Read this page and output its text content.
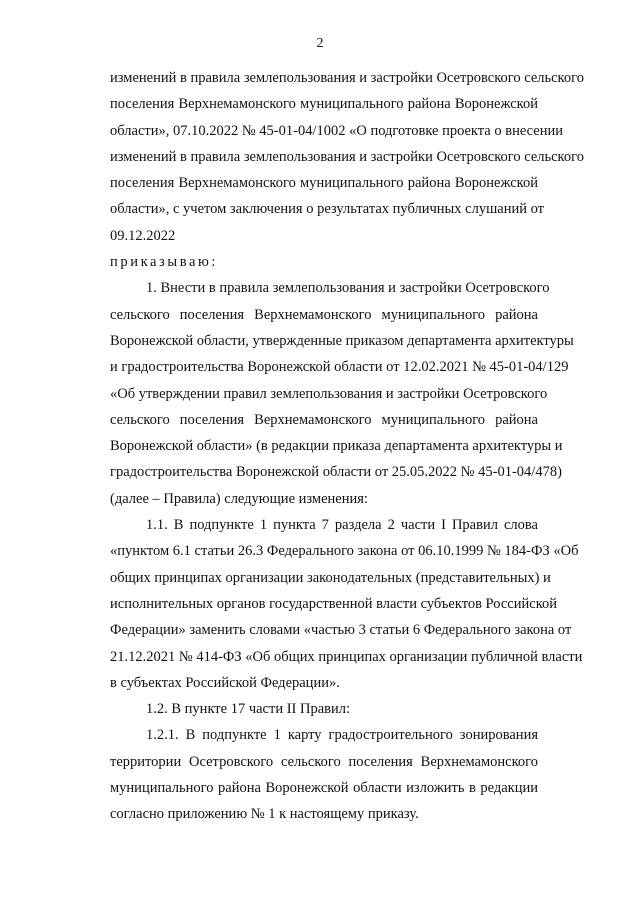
2
изменений в правила землепользования и застройки Осетровского сельского
поселения Верхнемамонского муниципального района Воронежской
области», 07.10.2022 № 45-01-04/1002 «О подготовке проекта о внесении
изменений в правила землепользования и застройки Осетровского сельского
поселения Верхнемамонского муниципального района Воронежской
области», с учетом заключения о результатах публичных слушаний от
09.12.2022
приказываю:
1. Внести в правила землепользования и застройки Осетровского
сельского поселения Верхнемамонского муниципального района
Воронежской области, утвержденные приказом департамента архитектуры
и градостроительства Воронежской области от 12.02.2021 № 45-01-04/129
«Об утверждении правил землепользования и застройки Осетровского
сельского поселения Верхнемамонского муниципального района
Воронежской области» (в редакции приказа департамента архитектуры и
градостроительства Воронежской области от 25.05.2022 № 45-01-04/478)
(далее – Правила) следующие изменения:
1.1. В подпункте 1 пункта 7 раздела 2 части I Правил слова
«пунктом 6.1 статьи 26.3 Федерального закона от 06.10.1999 № 184-ФЗ «Об
общих принципах организации законодательных (представительных) и
исполнительных органов государственной власти субъектов Российской
Федерации» заменить словами «частью 3 статьи 6 Федерального закона от
21.12.2021 № 414-ФЗ «Об общих принципах организации публичной власти
в субъектах Российской Федерации».
1.2. В пункте 17 части II Правил:
1.2.1. В подпункте 1 карту градостроительного зонирования
территории Осетровского сельского поселения Верхнемамонского
муниципального района Воронежской области изложить в редакции
согласно приложению № 1 к настоящему приказу.
